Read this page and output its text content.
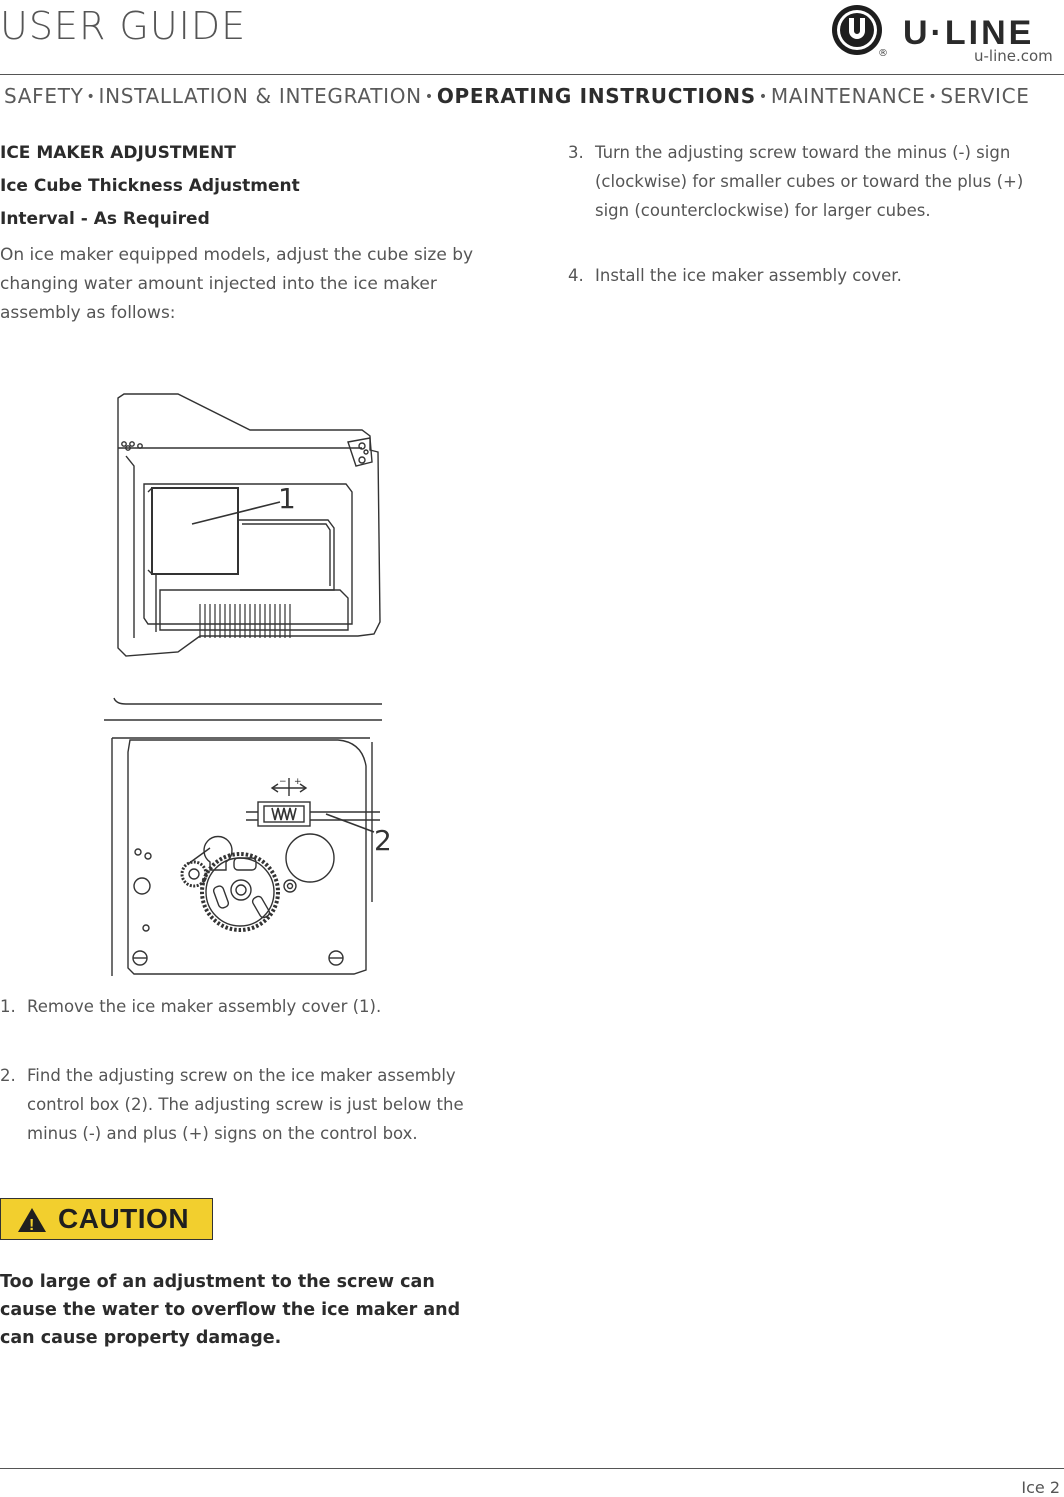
USER GUIDE
®
U·LINE
u-line.com
SAFETY • INSTALLATION & INTEGRATION • OPERATING INSTRUCTIONS • MAINTENANCE • SERVICE
ICE MAKER ADJUSTMENT
Ice Cube Thickness Adjustment
Interval - As Required
On ice maker equipped models, adjust the cube size by changing water amount injected into the ice maker assembly as follows:
1
− +
2
1. Remove the ice maker assembly cover (1).
2. Find the adjusting screw on the ice maker assembly
control box (2). The adjusting screw is just below the
minus (-) and plus (+) signs on the control box.
! CAUTION
Too large of an adjustment to the screw can cause the water to overflow the ice maker and can cause property damage.
3. Turn the adjusting screw toward the minus (-) sign
(clockwise) for smaller cubes or toward the plus (+)
sign (counterclockwise) for larger cubes.
4. Install the ice maker assembly cover.
Ice 2
